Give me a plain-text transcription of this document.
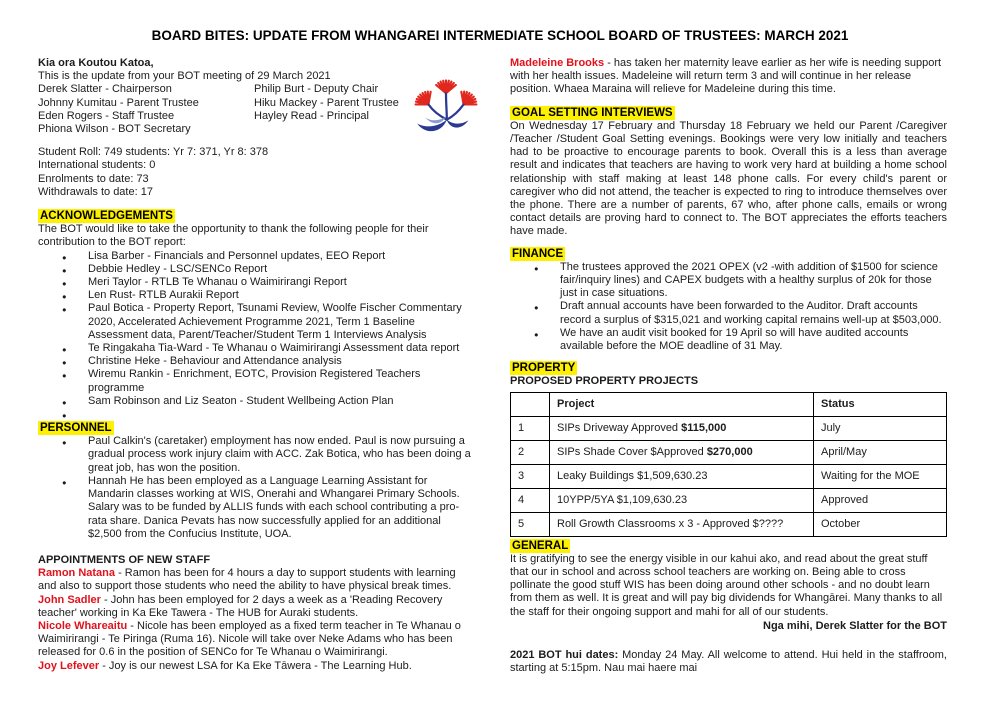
BOARD BITES: UPDATE FROM WHANGAREI INTERMEDIATE SCHOOL BOARD OF TRUSTEES: MARCH 2021
Kia ora Koutou Katoa,
This is the update from your BOT meeting of 29 March 2021
Derek Slatter - Chairperson
Johnny Kumitau - Parent Trustee
Eden Rogers - Staff Trustee
Phiona Wilson - BOT Secretary
Philip Burt - Deputy Chair
Hiku Mackey - Parent Trustee
Hayley Read - Principal
Student Roll: 749 students: Yr 7: 371, Yr 8: 378
International students: 0
Enrolments to date: 73
Withdrawals to date: 17
ACKNOWLEDGEMENTS

The BOT would like to take the opportunity to thank the following people for their contribution to the BOT report:

● Lisa Barber - Financials and Personnel updates, EEO Report
● Debbie Hedley - LSC/SENCo Report
● Meri Taylor - RTLB Te Whanau o Waimirirangi Report
● Len Rust- RTLB Aurakii Report
● Paul Botica - Property Report, Tsunami Review, Woolfe Fischer Commentary 2020, Accelerated Achievement Programme 2021, Term 1 Baseline Assessment data, Parent/Teacher/Student Term 1 Interviews Analysis
● Te Ringakaha Tia-Ward - Te Whanau o Waimirirangi Assessment data report
● Christine Heke - Behaviour and Attendance analysis
● Wiremu Rankin - Enrichment, EOTC, Provision Registered Teachers programme
● Sam Robinson and Liz Seaton - Student Wellbeing Action Plan
●
PERSONNEL
● Paul Calkin's (caretaker) employment has now ended. Paul is now pursuing a gradual process work injury claim with ACC. Zak Botica, who has been doing a great job, has won the position.
● Hannah He has been employed as a Language Learning Assistant for Mandarin classes working at WIS, Onerahi and Whangarei Primary Schools. Salary was to be funded by ALLIS funds with each school contributing a pro-rata share. Danica Pevats has now successfully applied for an additional $2,500 from the Confucius Institute, UOA.
APPOINTMENTS OF NEW STAFF

Ramon Natana - Ramon has been for 4 hours a day to support students with learning and also to support those students who need the ability to have physical break times.

John Sadler - John has been employed for 2 days a week as a 'Reading Recovery teacher' working in Ka Eke Tawera - The HUB for Auraki students.

Nicole Whareaitu - Nicole has been employed as a fixed term teacher in Te Whanau o Waimirirangi - Te Piringa (Ruma 16). Nicole will take over Neke Adams who has been released for 0.6 in the position of SENCo for Te Whanau o Waimirirangi.

Joy Lefever - Joy is our newest LSA for Ka Eke Tāwera - The Learning Hub.

Madeleine Brooks - has taken her maternity leave earlier as her wife is needing support with her health issues. Madeleine will return term 3 and will continue in her release position. Whaea Maraina will relieve for Madeleine during this time.

GOAL SETTING INTERVIEWS

On Wednesday 17 February and Thursday 18 February we held our Parent /Caregiver /Teacher /Student Goal Setting evenings. Bookings were very low initially and teachers had to be proactive to encourage parents to book. Overall this is a less than average result and indicates that teachers are having to work very hard at building a home school relationship with staff making at least 148 phone calls. For every child's parent or caregiver who did not attend, the teacher is expected to ring to introduce themselves over the phone. There are a number of parents, 67 who, after phone calls, emails or wrong contact details are proving hard to connect to. The BOT appreciates the efforts teachers have made.

FINANCE
● The trustees approved the 2021 OPEX (v2 -with addition of $1500 for science fair/inquiry lines) and CAPEX budgets with a healthy surplus of 20k for those just in case situations.
● Draft annual accounts have been forwarded to the Auditor. Draft accounts record a surplus of $315,021 and working capital remains well-up at $503,000.
● We have an audit visit booked for 19 April so will have audited accounts available before the MOE deadline of 31 May.
PROPERTY
PROPOSED PROPERTY PROJECTS
	Project	Status
1	SIPs Driveway Approved $115,000	July
2	SIPs Shade Cover $Approved $270,000	April/May
3	Leaky Buildings $1,509,630.23	Waiting for the MOE
4	10YPP/5YA $1,109,630.23	Approved
5	Roll Growth Classrooms x 3 - Approved $????	October
GENERAL

It is gratifying to see the energy visible in our kahui ako, and read about the great stuff that our in school and across school teachers are working on. Being able to cross pollinate the good stuff WIS has been doing around other schools - and no doubt learn from them as well. It is great and will pay big dividends for Whangārei. Many thanks to all the staff for their ongoing support and mahi for all of our students.

Nga mihi, Derek Slatter for the BOT

2021 BOT hui dates: Monday 24 May. All welcome to attend. Hui held in the staffroom, starting at 5:15pm. Nau mai haere mai
